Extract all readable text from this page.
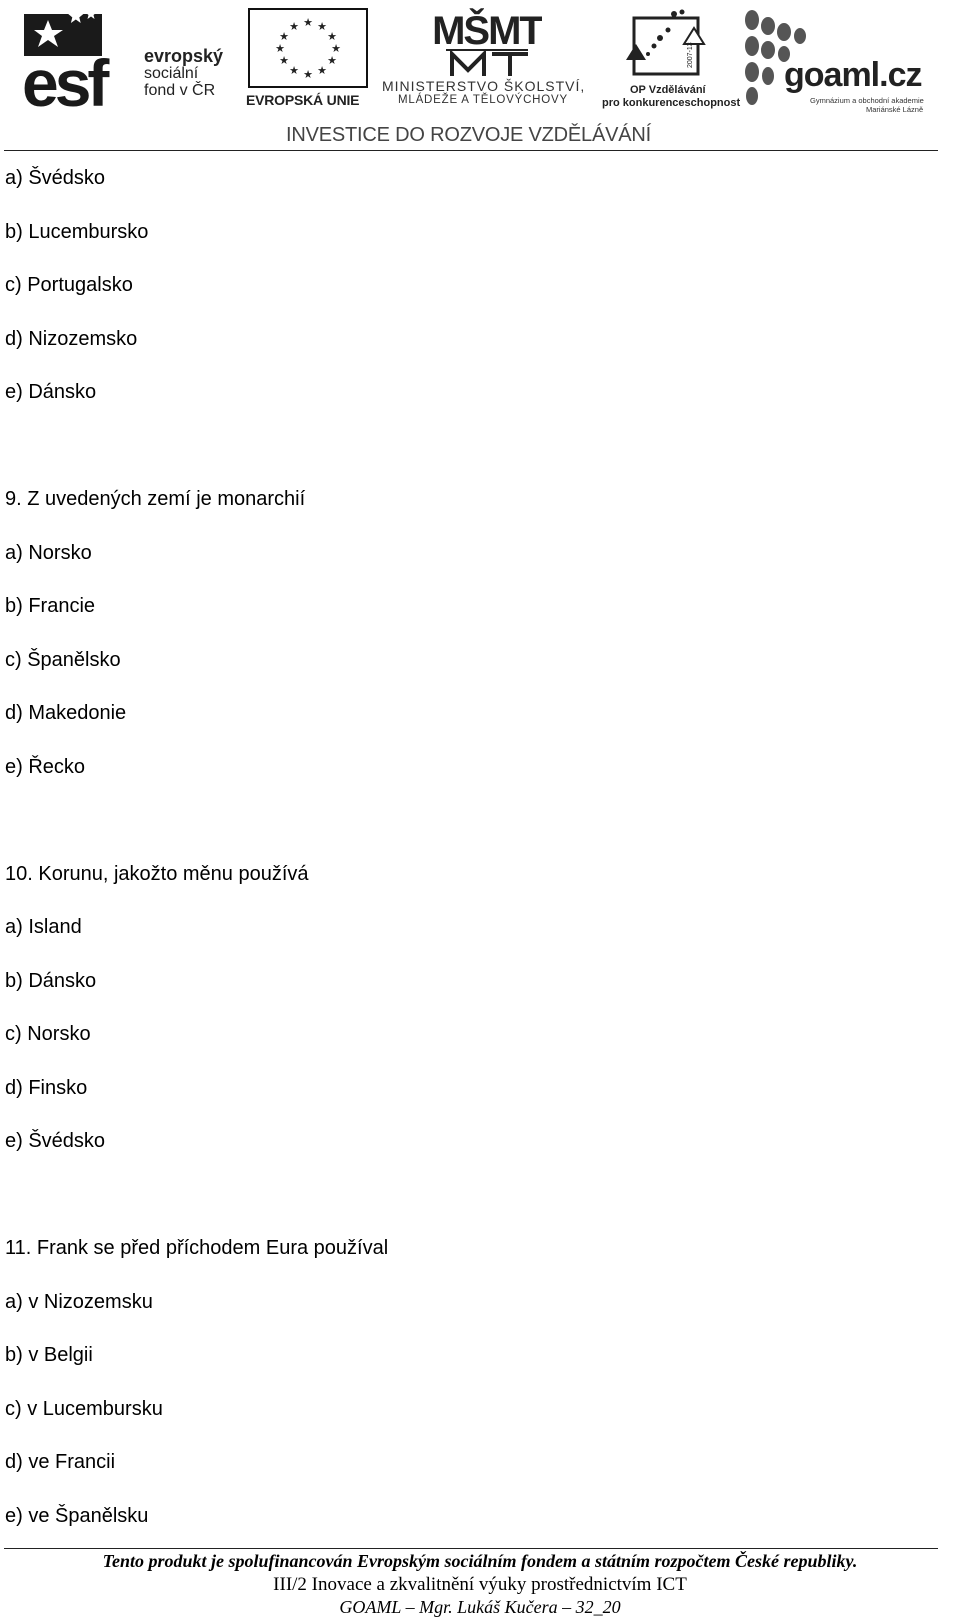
esf evropský
sociální
fond v ČR
★ ★
★
★
★
★
★
★
★
★
★
★
EVROPSKÁ UNIE
MŠMT
MINISTERSTVO ŠKOLSTVÍ,
MLÁDEŽE A TĚLOVÝCHOVY
2007-13
OP Vzdělávání
pro konkurenceschopnost
goaml.cz
Gymnázium a obchodní akademie
Mariánské Lázně
INVESTICE DO ROZVOJE VZDĚLÁVÁNÍ
a) Švédsko
b) Lucembursko
c) Portugalsko
d) Nizozemsko
e) Dánsko
9. Z uvedených zemí je monarchií
a) Norsko
b) Francie
c) Španělsko
d) Makedonie
e) Řecko
10. Korunu, jakožto měnu používá
a) Island
b) Dánsko
c) Norsko
d) Finsko
e) Švédsko
11. Frank se před příchodem Eura používal
a) v Nizozemsku
b) v Belgii
c) v Lucembursku
d) ve Francii
e) ve Španělsku
Tento produkt je spolufinancován Evropským sociálním fondem a státním rozpočtem České republiky.
III/2 Inovace a zkvalitnění výuky prostřednictvím ICT
GOAML – Mgr. Lukáš Kučera – 32_20
